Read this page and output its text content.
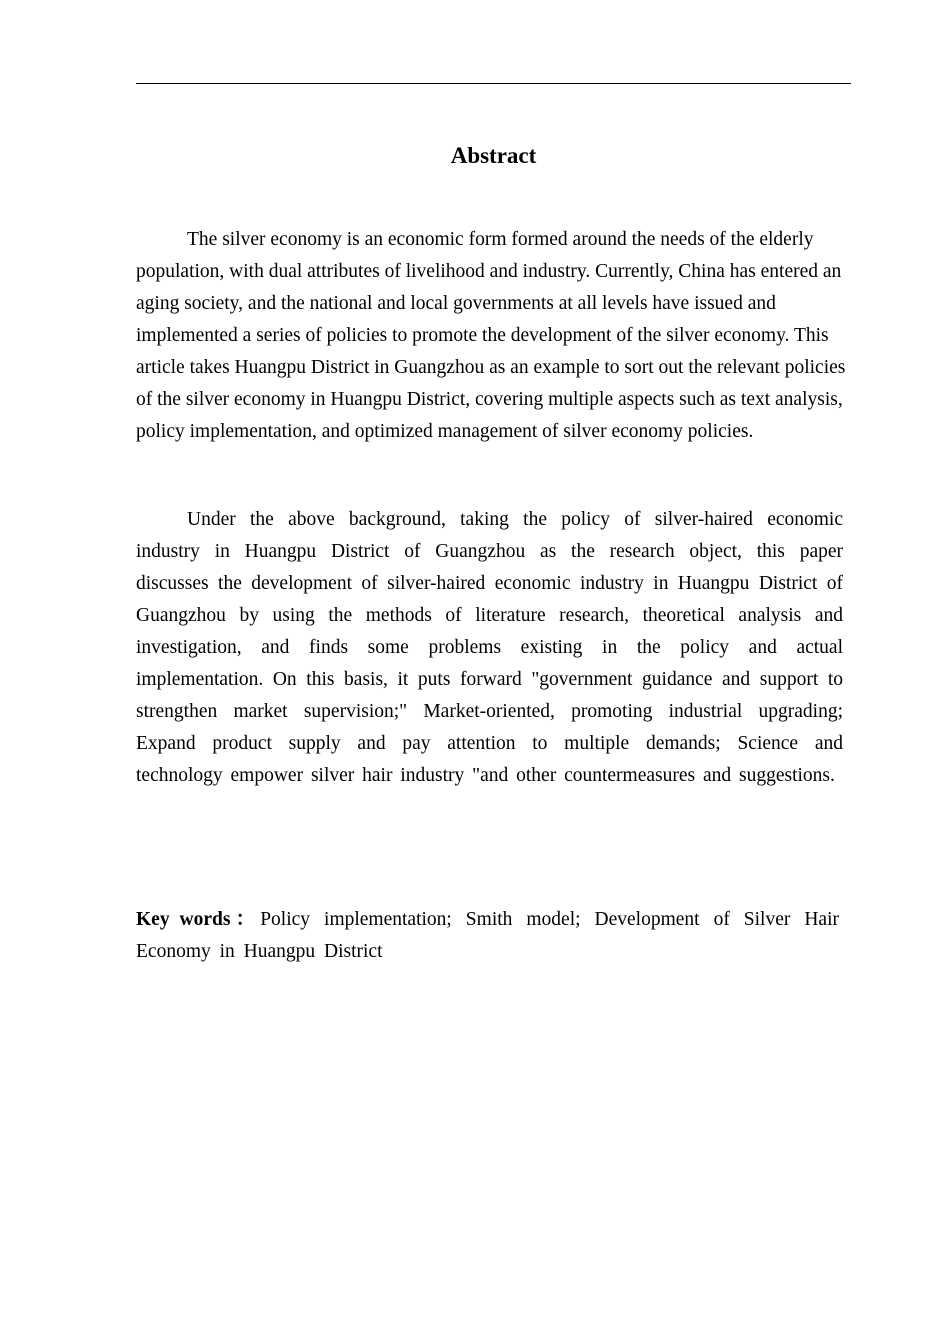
Abstract

The silver economy is an economic form formed around the needs of the elderly population, with dual attributes of livelihood and industry. Currently, China has entered an aging society, and the national and local governments at all levels have issued and implemented a series of policies to promote the development of the silver economy. This article takes Huangpu District in Guangzhou as an example to sort out the relevant policies of the silver economy in Huangpu District, covering multiple aspects such as text analysis, policy implementation, and optimized management of silver economy policies.

Under the above background, taking the policy of silver-haired economic industry in Huangpu District of Guangzhou as the research object, this paper discusses the development of silver-haired economic industry in Huangpu District of Guangzhou by using the methods of literature research, theoretical analysis and investigation, and finds some problems existing in the policy and actual implementation. On this basis, it puts forward "government guidance and support to strengthen market supervision;" Market-oriented, promoting industrial upgrading; Expand product supply and pay attention to multiple demands; Science and technology empower silver hair industry "and other countermeasures and suggestions.

Key words：Policy implementation; Smith model; Development of Silver Hair Economy in Huangpu District
